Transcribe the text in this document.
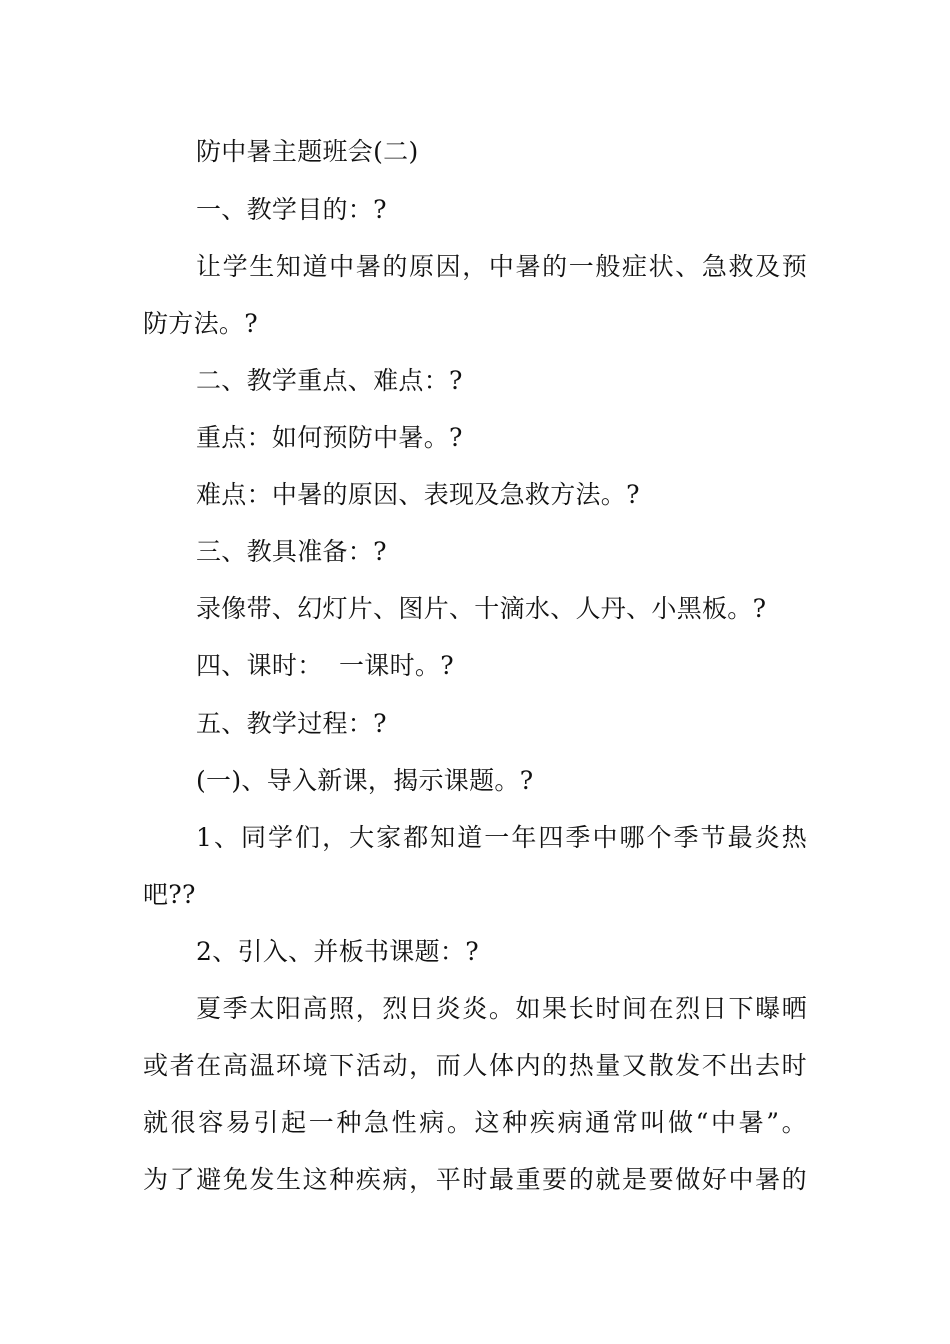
防中暑主题班会(二)
一、教学目的：?
让学生知道中暑的原因，中暑的一般症状、急救及预
防方法。?
二、教学重点、难点：?
重点：如何预防中暑。?
难点：中暑的原因、表现及急救方法。?
三、教具准备：?
录像带、幻灯片、图片、十滴水、人丹、小黑板。?
四、课时：  一课时。?
五、教学过程：?
(一)、导入新课，揭示课题。?
1、同学们，大家都知道一年四季中哪个季节最炎热
吧??
2、引入、并板书课题：?
夏季太阳高照，烈日炎炎。如果长时间在烈日下曝晒
或者在高温环境下活动，而人体内的热量又散发不出去时
就很容易引起一种急性病。这种疾病通常叫做“中暑”。
为了避免发生这种疾病，平时最重要的就是要做好中暑的
